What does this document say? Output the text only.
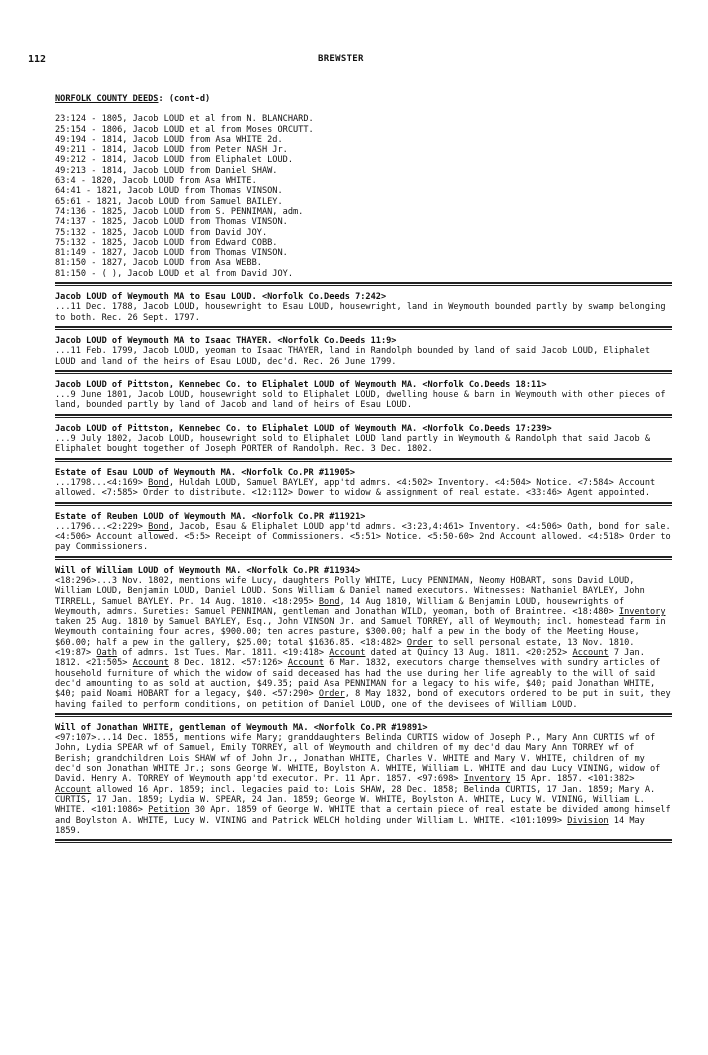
112	BREWSTER
NORFOLK COUNTY DEEDS: (cont-d)
23:124 - 1805, Jacob LOUD et al from N. BLANCHARD.
25:154 - 1806, Jacob LOUD et al from Moses ORCUTT.
49:194 - 1814, Jacob LOUD from Asa WHITE 2d.
49:211 - 1814, Jacob LOUD from Peter NASH Jr.
49:212 - 1814, Jacob LOUD from Eliphalet LOUD.
49:213 - 1814, Jacob LOUD from Daniel SHAW.
63:4 - 1820, Jacob LOUD from Asa WHITE.
64:41 - 1821, Jacob LOUD from Thomas VINSON.
65:61 - 1821, Jacob LOUD from Samuel BAILEY.
74:136 - 1825, Jacob LOUD from S. PENNIMAN, adm.
74:137 - 1825, Jacob LOUD from Thomas VINSON.
75:132 - 1825, Jacob LOUD from David JOY.
75:132 - 1825, Jacob LOUD from Edward COBB.
81:149 - 1827, Jacob LOUD from Thomas VINSON.
81:150 - 1827, Jacob LOUD from Asa WEBB.
81:150 - ( ), Jacob LOUD et al from David JOY.

Jacob LOUD of Weymouth MA to Esau LOUD. <Norfolk Co.Deeds 7:242>
...11 Dec. 1788, Jacob LOUD, housewright to Esau LOUD, housewright, land in Weymouth bounded partly by swamp belonging to both. Rec. 26 Sept. 1797.

Jacob LOUD of Weymouth MA to Isaac THAYER. <Norfolk Co.Deeds 11:9>
...11 Feb. 1799, Jacob LOUD, yeoman to Isaac THAYER, land in Randolph bounded by land of said Jacob LOUD, Eliphalet LOUD and land of the heirs of Esau LOUD, dec'd. Rec. 26 June 1799.

Jacob LOUD of Pittston, Kennebec Co. to Eliphalet LOUD of Weymouth MA. <Norfolk Co.Deeds 18:11>
...9 June 1801, Jacob LOUD, housewright sold to Eliphalet LOUD, dwelling house & barn in Weymouth with other pieces of land, bounded partly by land of Jacob and land of heirs of Esau LOUD.

Jacob LOUD of Pittston, Kennebec Co. to Eliphalet LOUD of Weymouth MA. <Norfolk Co.Deeds 17:239>
...9 July 1802, Jacob LOUD, housewright sold to Eliphalet LOUD land partly in Weymouth & Randolph that said Jacob & Eliphalet bought together of Joseph PORTER of Randolph. Rec. 3 Dec. 1802.

Estate of Esau LOUD of Weymouth MA. <Norfolk Co.PR #11905>
...1798...<4:169> Bond, Huldah LOUD, Samuel BAYLEY, app'td admrs. <4:502> Inventory. <4:504> Notice. <7:584> Account allowed. <7:585> Order to distribute. <12:112> Dower to widow & assignment of real estate. <33:46> Agent appointed.

Estate of Reuben LOUD of Weymouth MA. <Norfolk Co.PR #11921>
...1796...<2:229> Bond, Jacob, Esau & Eliphalet LOUD app'td admrs. <3:23,4:461> Inventory. <4:506> Oath, bond for sale. <4:506> Account allowed. <5:5> Receipt of Commissioners. <5:51> Notice. <5:50-60> 2nd Account allowed. <4:518> Order to pay Commissioners.

Will of William LOUD of Weymouth MA. <Norfolk Co.PR #11934>
<18:296>...3 Nov. 1802, mentions wife Lucy, daughters Polly WHITE, Lucy PENNIMAN, Neomy HOBART, sons David LOUD, William LOUD, Benjamin LOUD, Daniel LOUD. Sons William & Daniel named executors. Witnesses: Nathaniel BAYLEY, John TIRRELL, Samuel BAYLEY. Pr. 14 Aug. 1810. <18:295> Bond, 14 Aug 1810, William & Benjamin LOUD, housewrights of Weymouth, admrs. Sureties: Samuel PENNIMAN, gentleman and Jonathan WILD, yeoman, both of Braintree. <18:480> Inventory taken 25 Aug. 1810 by Samuel BAYLEY, Esq., John VINSON Jr. and Samuel TORREY, all of Weymouth; incl. homestead farm in Weymouth containing four acres, $900.00; ten acres pasture, $300.00; half a pew in the body of the Meeting House, $60.00; half a pew in the gallery, $25.00; total $1636.85. <18:482> Order to sell personal estate, 13 Nov. 1810. <19:87> Oath of admrs. 1st Tues. Mar. 1811. <19:418> Account dated at Quincy 13 Aug. 1811. <20:252> Account 7 Jan. 1812. <21:505> Account 8 Dec. 1812. <57:126> Account 6 Mar. 1832, executors charge themselves with sundry articles of household furniture of which the widow of said deceased has had the use during her life agreably to the will of said dec'd amounting to as sold at auction, $49.35; paid Asa PENNIMAN for a legacy to his wife, $40; paid Jonathan WHITE, $40; paid Noami HOBART for a legacy, $40. <57:290> Order, 8 May 1832, bond of executors ordered to be put in suit, they having failed to perform conditions, on petition of Daniel LOUD, one of the devisees of William LOUD.

Will of Jonathan WHITE, gentleman of Weymouth MA. <Norfolk Co.PR #19891>
<97:107>...14 Dec. 1855, mentions wife Mary; granddaughters Belinda CURTIS widow of Joseph P., Mary Ann CURTIS wf of John, Lydia SPEAR wf of Samuel, Emily TORREY, all of Weymouth and children of my dec'd dau Mary Ann TORREY wf of Berish; grandchildren Lois SHAW wf of John Jr., Jonathan WHITE, Charles V. WHITE and Mary V. WHITE, children of my dec'd son Jonathan WHITE Jr.; sons George W. WHITE, Boylston A. WHITE, William L. WHITE and dau Lucy VINING, widow of David. Henry A. TORREY of Weymouth app'td executor. Pr. 11 Apr. 1857. <97:698> Inventory 15 Apr. 1857. <101:382> Account allowed 16 Apr. 1859; incl. legacies paid to: Lois SHAW, 28 Dec. 1858; Belinda CURTIS, 17 Jan. 1859; Mary A. CURTIS, 17 Jan. 1859; Lydia W. SPEAR, 24 Jan. 1859; George W. WHITE, Boylston A. WHITE, Lucy W. VINING, William L. WHITE. <101:1086> Petition 30 Apr. 1859 of George W. WHITE that a certain piece of real estate be divided among himself and Boylston A. WHITE, Lucy W. VINING and Patrick WELCH holding under William L. WHITE. <101:1099> Division 14 May 1859.
